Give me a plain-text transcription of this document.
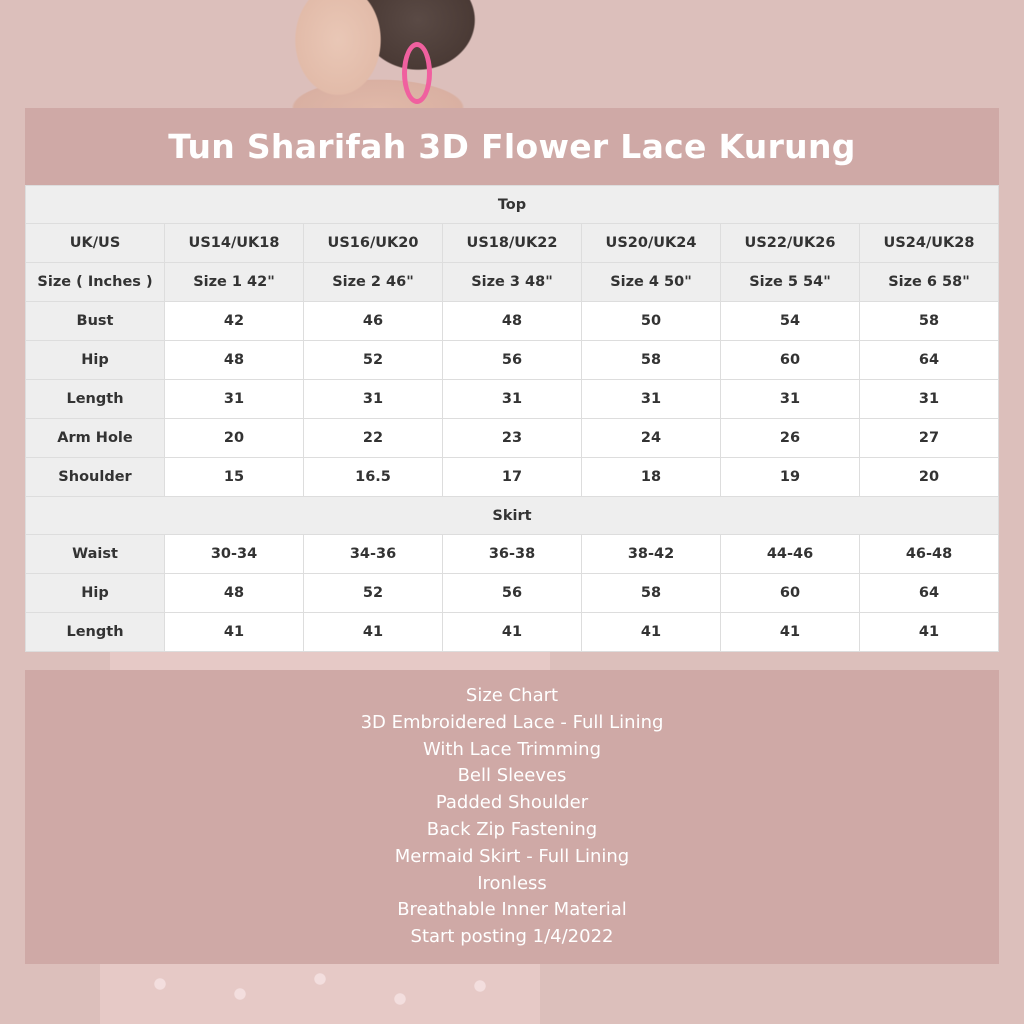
Tun Sharifah 3D Flower Lace Kurung
Top						
UK/US	US14/UK18	US16/UK20	US18/UK22	US20/UK24	US22/UK26	US24/UK28
Size ( Inches )	Size 1 42"	Size 2 46"	Size 3 48"	Size 4 50"	Size 5 54"	Size 6 58"
Bust	42	46	48	50	54	58
Hip	48	52	56	58	60	64
Length	31	31	31	31	31	31
Arm Hole	20	22	23	24	26	27
Shoulder	15	16.5	17	18	19	20
Skirt						
Waist	30-34	34-36	36-38	38-42	44-46	46-48
Hip	48	52	56	58	60	64
Length	41	41	41	41	41	41
Size Chart
3D Embroidered Lace - Full Lining
With Lace Trimming
Bell Sleeves
Padded Shoulder
Back Zip Fastening
Mermaid Skirt - Full Lining
Ironless
Breathable Inner Material
Start posting 1/4/2022
